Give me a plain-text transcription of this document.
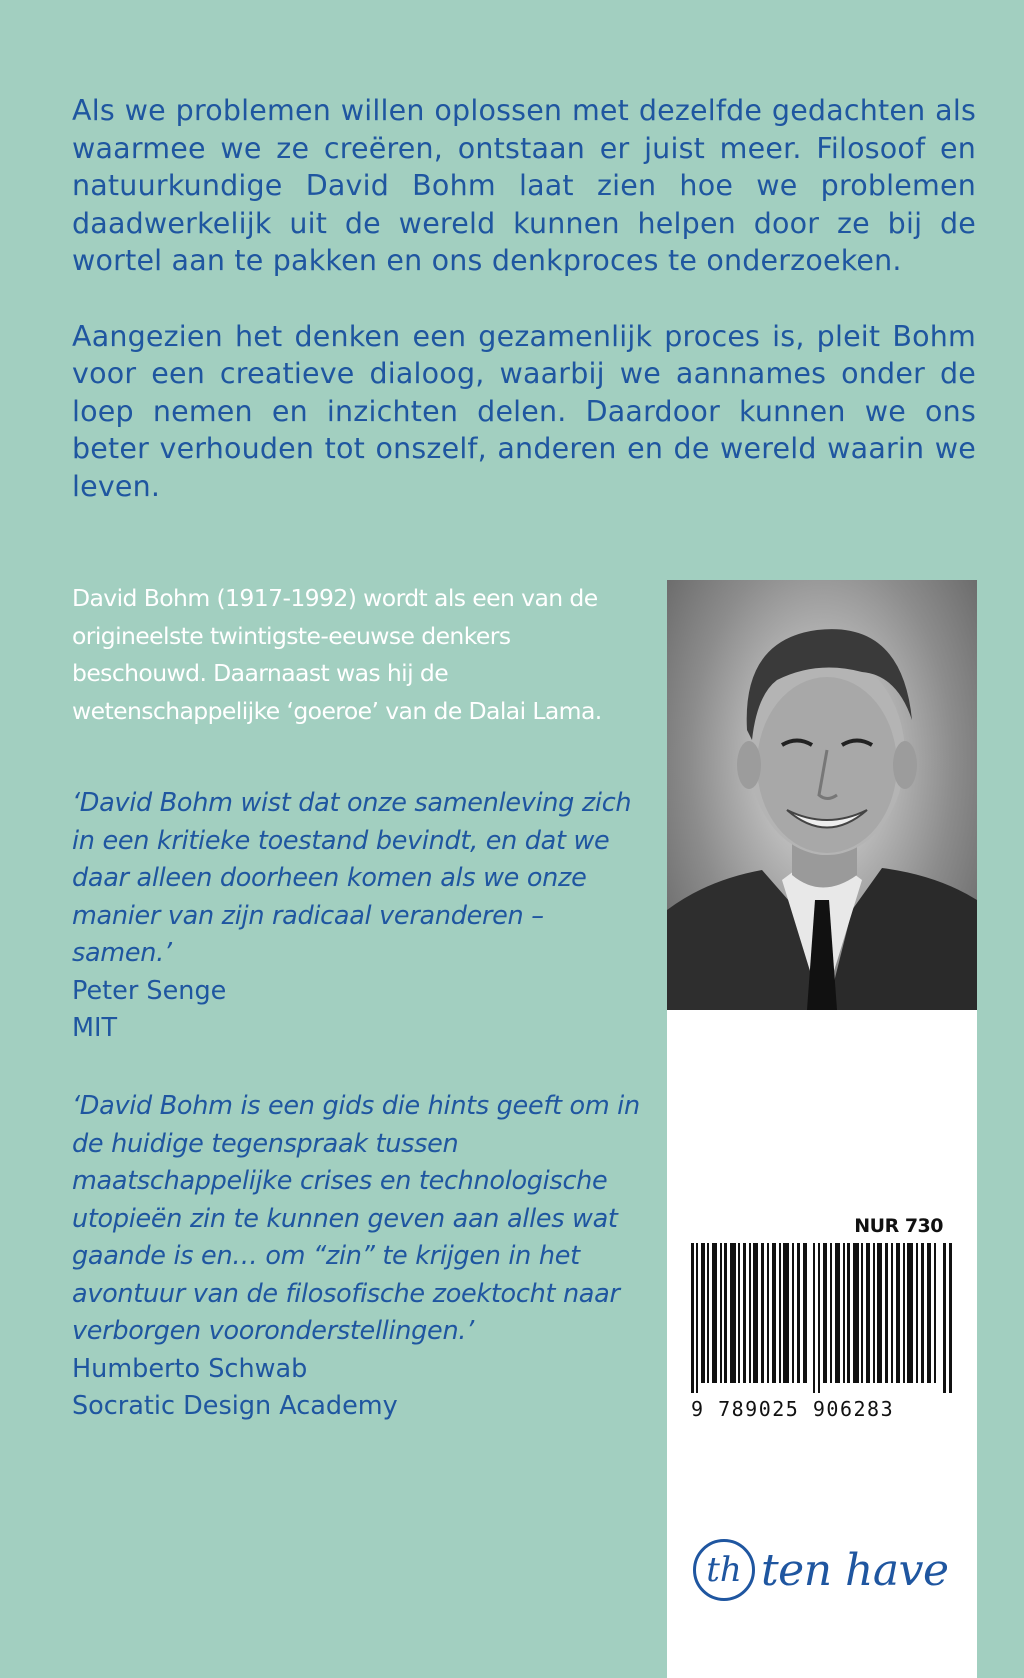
Als we problemen willen oplossen met dezelfde gedachten als waarmee we ze creëren, ontstaan er juist meer. Filosoof en natuurkundige David Bohm laat zien hoe we problemen daadwerkelijk uit de wereld kunnen helpen door ze bij de wortel aan te pakken en ons denkproces te onderzoeken.

Aangezien het denken een gezamenlijk proces is, pleit Bohm voor een creatieve dialoog, waarbij we aannames onder de loep nemen en inzichten delen. Daardoor kunnen we ons beter verhouden tot onszelf, anderen en de wereld waarin we leven.

David Bohm (1917-1992) wordt als een van de origineelste twintigste-eeuwse denkers beschouwd. Daarnaast was hij de wetenschappelijke ‘goeroe’ van de Dalai Lama.
‘David Bohm wist dat onze samenleving zich in een kritieke toestand bevindt, en dat we daar alleen doorheen komen als we onze manier van zijn radicaal veranderen – samen.’
Peter Senge
MIT
‘David Bohm is een gids die hints geeft om in de huidige tegenspraak tussen maatschappelijke crises en technologische utopieën zin te kunnen geven aan alles wat gaande is en… om “zin” te krijgen in het avontuur van de filosofische zoektocht naar verborgen vooronderstellingen.’
Humberto Schwab
Socratic Design Academy
NUR 730
9 789025 906283
th ten have
